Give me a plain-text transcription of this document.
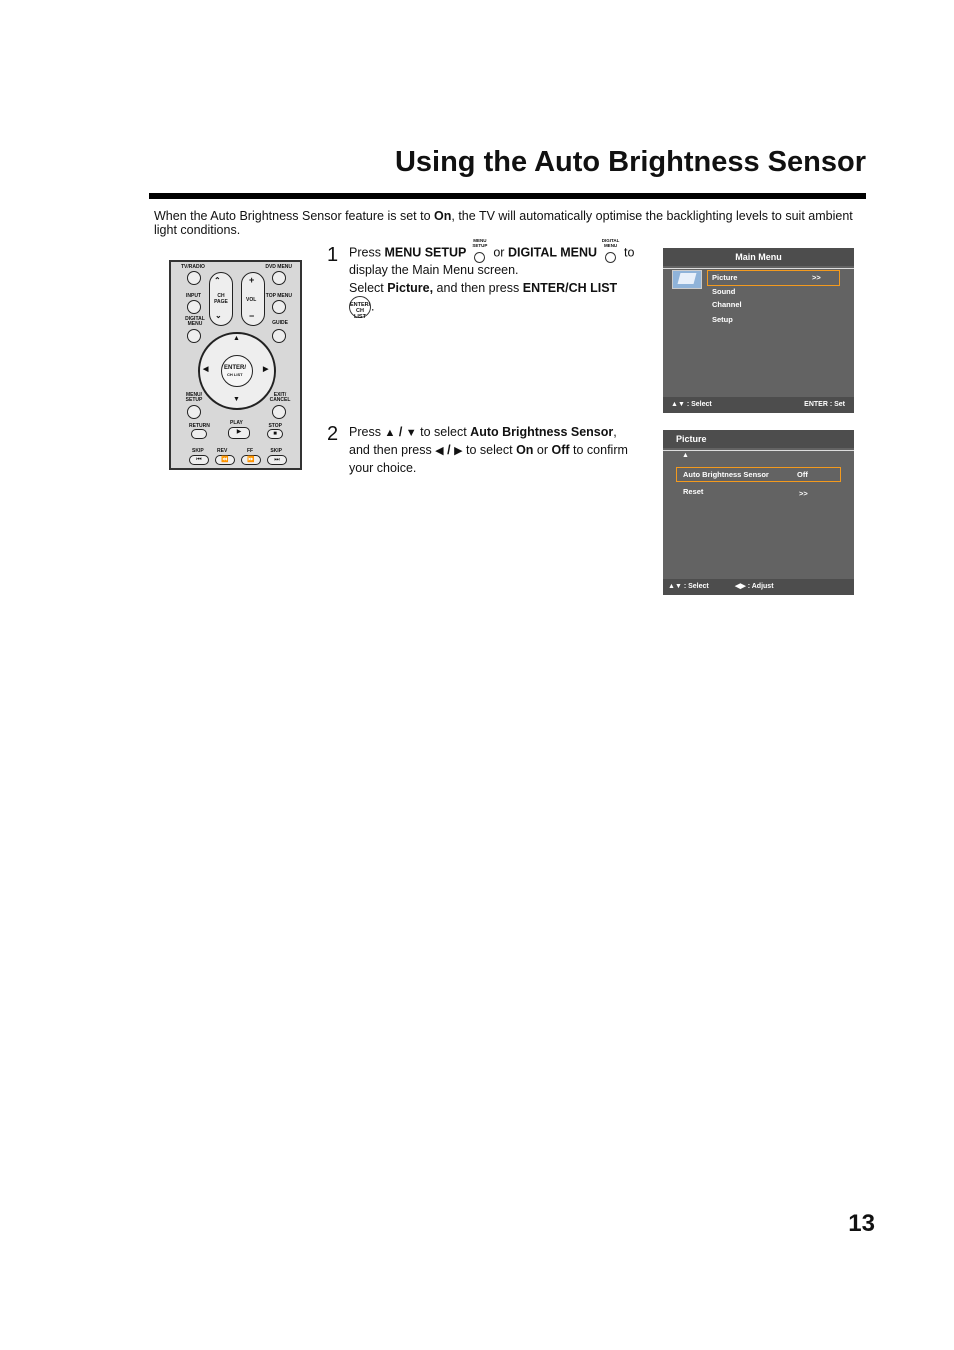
Using the Auto Brightness Sensor
When the Auto Brightness Sensor feature is set to On, the TV will automatically optimise the backlighting levels to suit ambient light conditions.
TV/RADIO	DVD MENU
INPUT	TOP MENU
⌃
CH PAGE
⌄
+
VOL
−
DIGITAL MENU	GUIDE
▲
▼
◀	▶
ENTER/
CH LIST
MENU/ SETUP
EXIT/ CANCEL
RETURN	PLAY	STOP
▶	■
SKIP	REV	FF	SKIP
⏮	⏪	⏩	⏭
1 Press MENU SETUP
MENU SETUP
or DIGITAL MENU
DIGITAL MENU
to display the Main Menu screen.
Select Picture, and then press ENTER/CH LIST
ENTER/
CH LIST.
2 Press ▲ / ▼ to select Auto Brightness Sensor,
and then press ◀ / ▶ to select On or Off to confirm your choice.
Main Menu
Picture	>>
Sound
Channel
Setup
▲▼ : Select	ENTER : Set
Picture
▲
Auto Brightness Sensor	Off
Reset	>>
▲▼ : Select	◀▶ : Adjust
13
